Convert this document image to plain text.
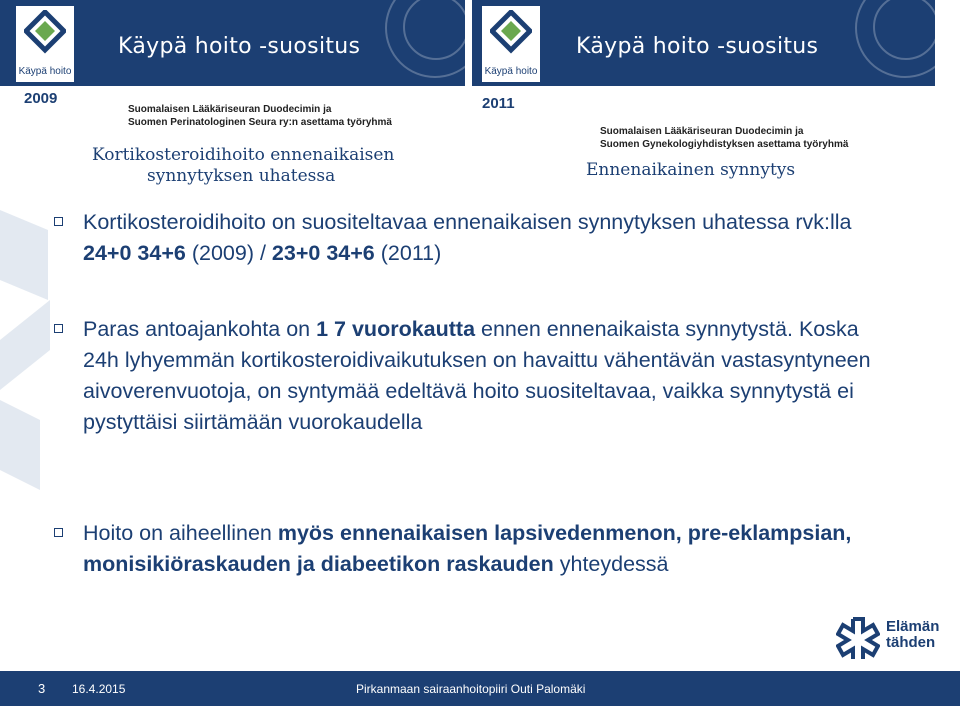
Käypä hoito
Käypä hoito -suositus
Käypä hoito
Käypä hoito -suositus
2009	2011
Suomalaisen Lääkäriseuran Duodecimin ja
Suomen Perinatologinen Seura ry:n asettama työryhmä
Kortikosteroidihoito ennenaikaisen
synnytyksen uhatessa
Suomalaisen Lääkäriseuran Duodecimin ja
Suomen Gynekologiyhdistyksen asettama työryhmä
Ennenaikainen synnytys
Kortikosteroidihoito on suositeltavaa ennenaikaisen synnytyksen uhatessa rvk:lla 24+0 34+6 (2009) / 23+0 34+6 (2011)
Paras antoajankohta on 1 7 vuorokautta ennen ennenaikaista synnytystä. Koska 24h lyhyemmän kortikosteroidivaikutuksen on havaittu vähentävän vastasyntyneen aivoverenvuotoja, on syntymää edeltävä hoito suositeltavaa, vaikka synnytystä ei pystyttäisi siirtämään vuorokaudella
Hoito on aiheellinen myös ennenaikaisen lapsivedenmenon, pre-eklampsian, monisikiöraskauden ja diabeetikon raskauden yhteydessä
Elämän
tähden
3 16.4.2015	Pirkanmaan sairaanhoitopiiri Outi Palomäki
